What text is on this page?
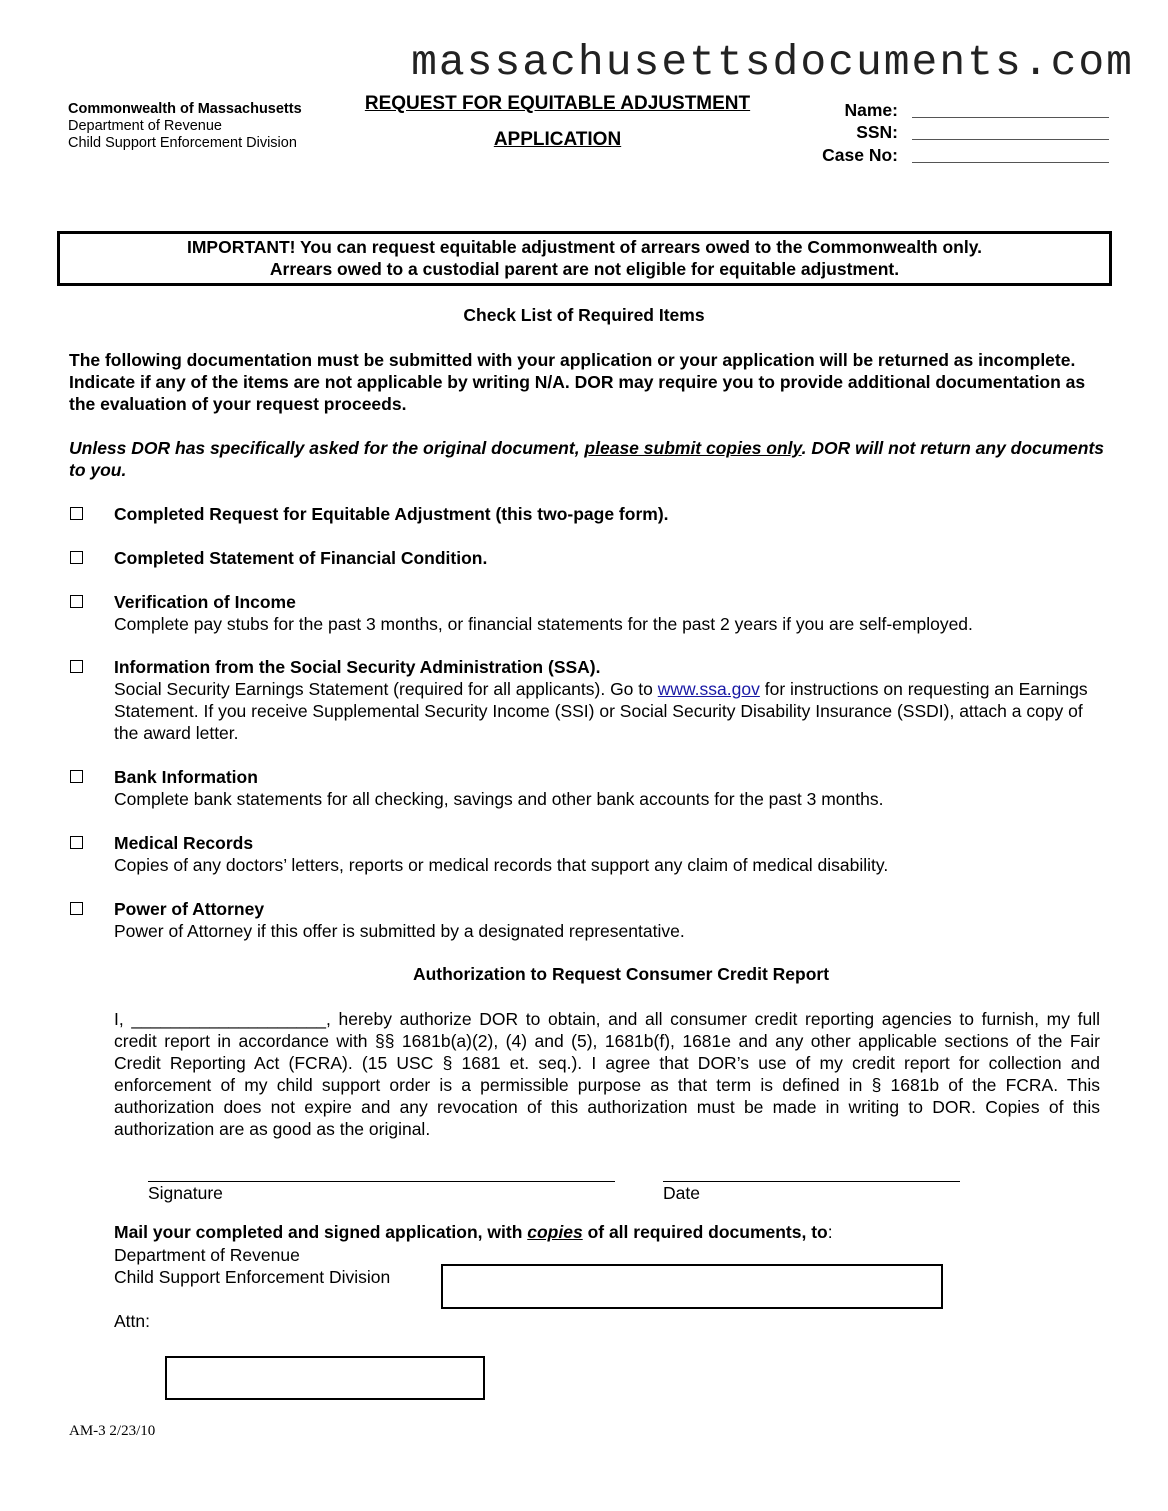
massachusettsdocuments.com
Commonwealth of Massachusetts
Department of Revenue
Child Support Enforcement Division
REQUEST FOR EQUITABLE ADJUSTMENT
APPLICATION
Name:
SSN:
Case No:
IMPORTANT! You can request equitable adjustment of arrears owed to the Commonwealth only.
Arrears owed to a custodial parent are not eligible for equitable adjustment.
Check List of Required Items
The following documentation must be submitted with your application or your application will be returned as incomplete. Indicate if any of the items are not applicable by writing N/A. DOR may require you to provide additional documentation as the evaluation of your request proceeds.
Unless DOR has specifically asked for the original document, please submit copies only. DOR will not return any documents to you.
Completed Request for Equitable Adjustment (this two-page form).
Completed Statement of Financial Condition.
Verification of Income
Complete pay stubs for the past 3 months, or financial statements for the past 2 years if you are self-employed.
Information from the Social Security Administration (SSA).
Social Security Earnings Statement (required for all applicants). Go to www.ssa.gov for instructions on requesting an Earnings Statement. If you receive Supplemental Security Income (SSI) or Social Security Disability Insurance (SSDI), attach a copy of the award letter.
Bank Information
Complete bank statements for all checking, savings and other bank accounts for the past 3 months.
Medical Records
Copies of any doctors’ letters, reports or medical records that support any claim of medical disability.
Power of Attorney
Power of Attorney if this offer is submitted by a designated representative.
Authorization to Request Consumer Credit Report
I, ____________________, hereby authorize DOR to obtain, and all consumer credit reporting agencies to furnish, my full credit report in accordance with §§ 1681b(a)(2), (4) and (5), 1681b(f), 1681e and any other applicable sections of the Fair Credit Reporting Act (FCRA). (15 USC § 1681 et. seq.). I agree that DOR’s use of my credit report for collection and enforcement of my child support order is a permissible purpose as that term is defined in § 1681b of the FCRA. This authorization does not expire and any revocation of this authorization must be made in writing to DOR. Copies of this authorization are as good as the original.
Signature	Date
Mail your completed and signed application, with copies of all required documents, to:
Department of Revenue
Child Support Enforcement Division
Attn:
AM-3 2/23/10
